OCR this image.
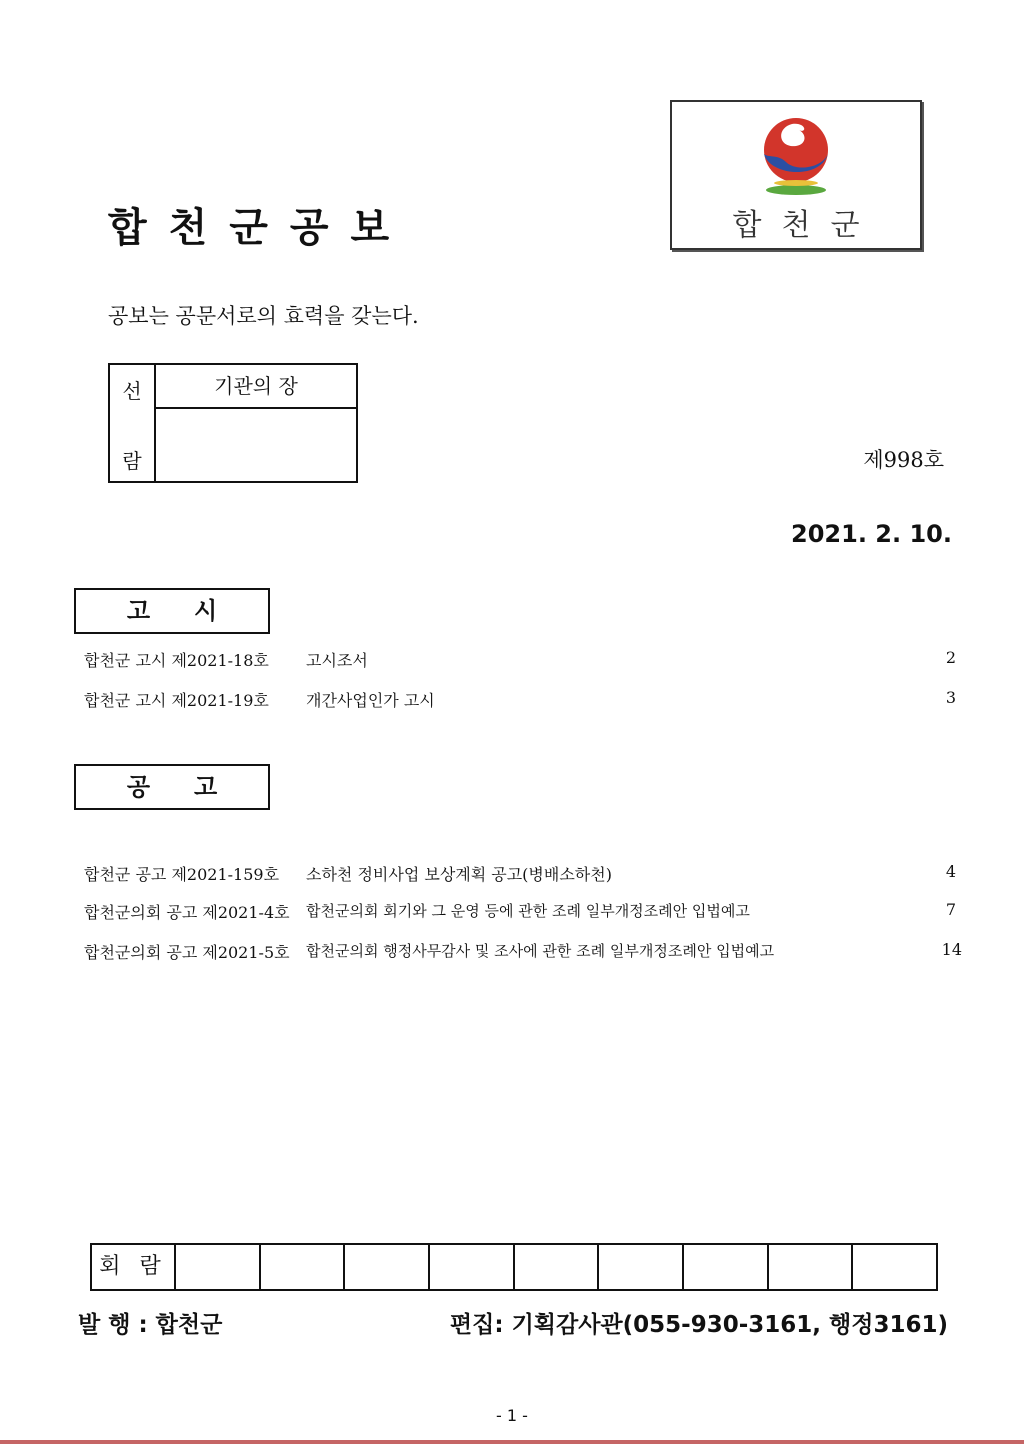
합천군공보	합천군
공보는 공문서로의 효력을 갖는다.
선
람
기관의 장
제998호
2021. 2. 10.
고시
합천군 고시 제2021-18호 고시조서	2
합천군 고시 제2021-19호 개간사업인가 고시	3
공고
합천군 공고 제2021-159호 소하천 정비사업 보상계획 공고(병배소하천)	4
합천군의회 공고 제2021-4호 합천군의회 회기와 그 운영 등에 관한 조례 일부개정조례안 입법예고	7
합천군의회 공고 제2021-5호 합천군의회 행정사무감사 및 조사에 관한 조례 일부개정조례안 입법예고	14
회 람
발 행 : 합천군	편집: 기획감사관(055-930-3161, 행정3161)
- 1 -
